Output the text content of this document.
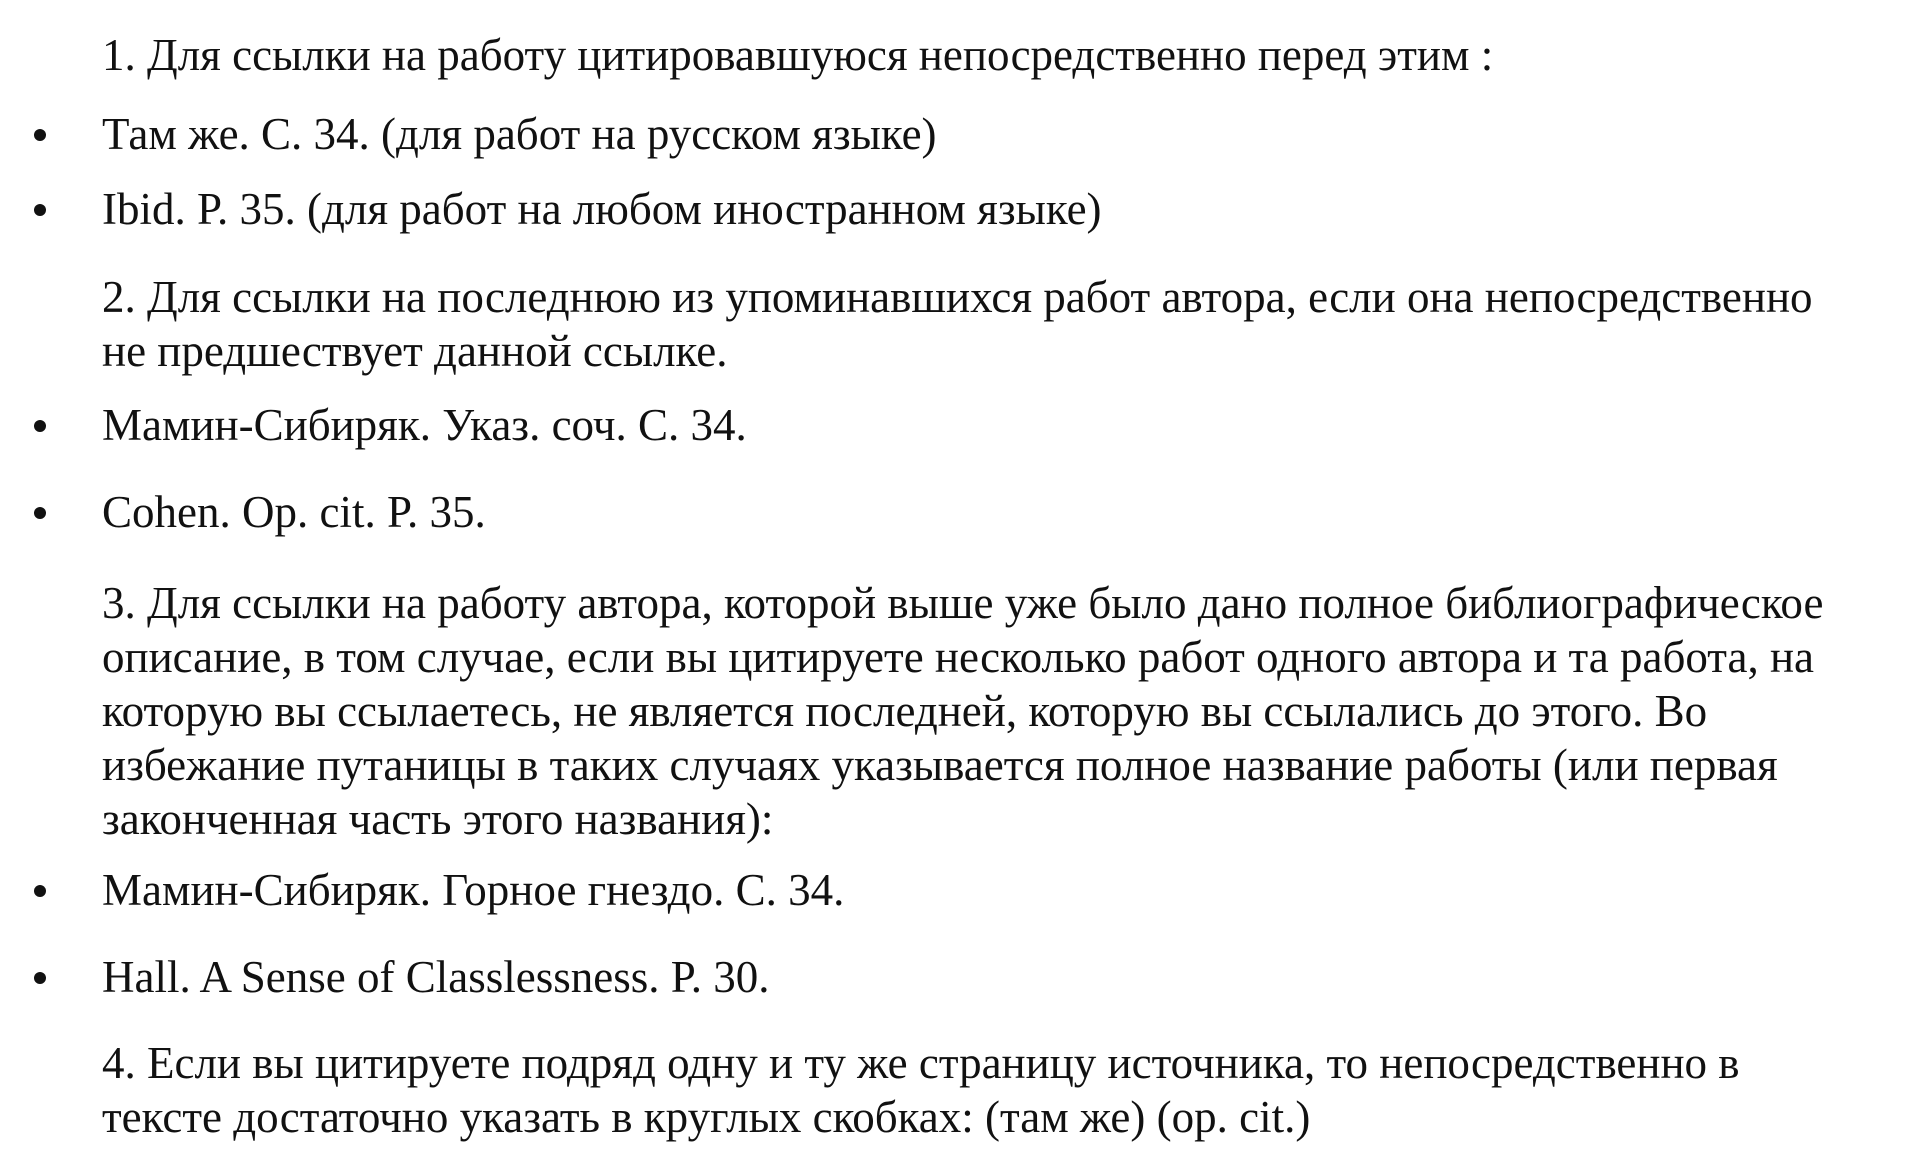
1. Для ссылки на работу цитировавшуюся непосредственно перед этим :

Там же. С. 34. (для работ на русском языке)
Ibid. P. 35. (для работ на любом иностранном языке)

2. Для ссылки на последнюю из упоминавшихся работ автора, если она непосредственно
не предшествует данной ссылке.

Мамин-Сибиряк. Указ. соч. С. 34.
Cohen. Op. cit. P. 35.

3. Для ссылки на работу автора, которой выше уже было дано полное библиографическое
описание, в том случае, если вы цитируете несколько работ одного автора и та работа, на
которую вы ссылаетесь, не является последней, которую вы ссылались до этого. Во
избежание путаницы в таких случаях указывается полное название работы (или первая
законченная часть этого названия):

Мамин-Сибиряк. Горное гнездо. С. 34.
Hall. A Sense of Classlessness. P. 30.

4. Если вы цитируете подряд одну и ту же страницу источника, то непосредственно в
тексте достаточно указать в круглых скобках: (там же) (op. cit.)
